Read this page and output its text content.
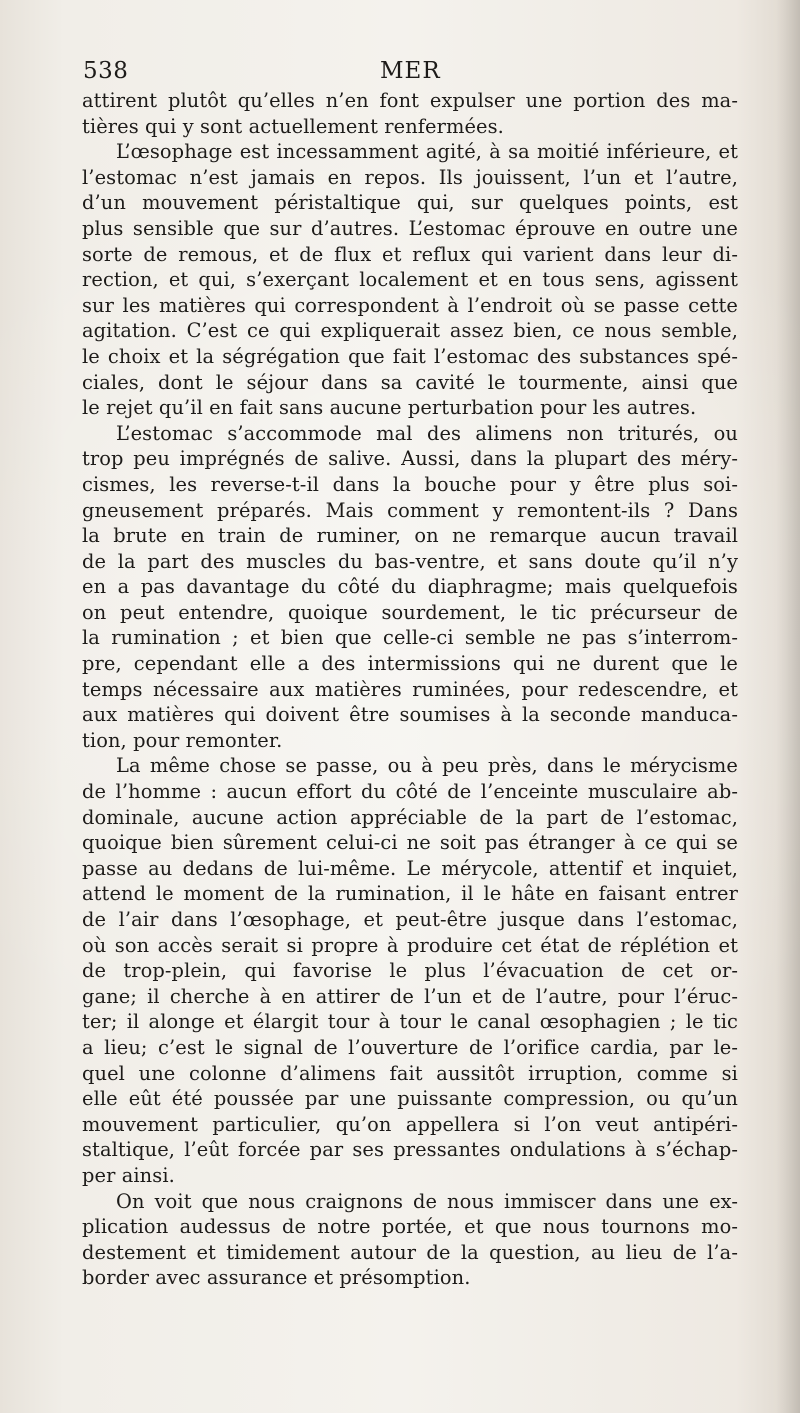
538	MER
attirent plutôt qu’elles n’en font expulser une portion des ma-
tières qui y sont actuellement renfermées.
L’œsophage est incessamment agité, à sa moitié inférieure, et
l’estomac n’est jamais en repos. Ils jouissent, l’un et l’autre,
d’un mouvement péristaltique qui, sur quelques points, est
plus sensible que sur d’autres. L’estomac éprouve en outre une
sorte de remous, et de flux et reflux qui varient dans leur di-
rection, et qui, s’exerçant localement et en tous sens, agissent
sur les matières qui correspondent à l’endroit où se passe cette
agitation. C’est ce qui expliquerait assez bien, ce nous semble,
le choix et la ségrégation que fait l’estomac des substances spé-
ciales, dont le séjour dans sa cavité le tourmente, ainsi que
le rejet qu’il en fait sans aucune perturbation pour les autres.
L’estomac s’accommode mal des alimens non triturés, ou
trop peu imprégnés de salive. Aussi, dans la plupart des méry-
cismes, les reverse-t-il dans la bouche pour y être plus soi-
gneusement préparés. Mais comment y remontent-ils ? Dans
la brute en train de ruminer, on ne remarque aucun travail
de la part des muscles du bas-ventre, et sans doute qu’il n’y
en a pas davantage du côté du diaphragme; mais quelquefois
on peut entendre, quoique sourdement, le tic précurseur de
la rumination ; et bien que celle-ci semble ne pas s’interrom-
pre, cependant elle a des intermissions qui ne durent que le
temps nécessaire aux matières ruminées, pour redescendre, et
aux matières qui doivent être soumises à la seconde manduca-
tion, pour remonter.
La même chose se passe, ou à peu près, dans le mérycisme
de l’homme : aucun effort du côté de l’enceinte musculaire ab-
dominale, aucune action appréciable de la part de l’estomac,
quoique bien sûrement celui-ci ne soit pas étranger à ce qui se
passe au dedans de lui-même. Le mérycole, attentif et inquiet,
attend le moment de la rumination, il le hâte en faisant entrer
de l’air dans l’œsophage, et peut-être jusque dans l’estomac,
où son accès serait si propre à produire cet état de réplétion et
de trop-plein, qui favorise le plus l’évacuation de cet or-
gane; il cherche à en attirer de l’un et de l’autre, pour l’éruc-
ter; il alonge et élargit tour à tour le canal œsophagien ; le tic
a lieu; c’est le signal de l’ouverture de l’orifice cardia, par le-
quel une colonne d’alimens fait aussitôt irruption, comme si
elle eût été poussée par une puissante compression, ou qu’un
mouvement particulier, qu’on appellera si l’on veut antipéri-
staltique, l’eût forcée par ses pressantes ondulations à s’échap-
per ainsi.
On voit que nous craignons de nous immiscer dans une ex-
plication audessus de notre portée, et que nous tournons mo-
destement et timidement autour de la question, au lieu de l’a-
border avec assurance et présomption.
